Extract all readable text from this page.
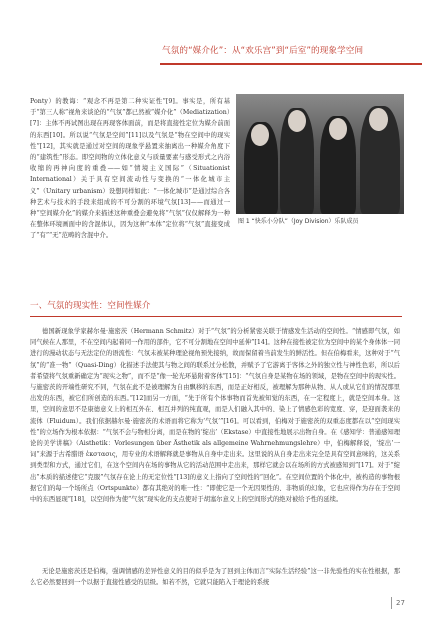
气氛的“媒介化”：从“欢乐宫”到“后室”的现象学空间

Ponty）的教诲：“观念不再是第二种实证性”[9]。事实是，所有基于“第三人称”视角来谈论的“气氛”都已然被“媒介化”（Mediatization）[7]：主体不再试图出现在再现客体面前，而是将直接性定位为媒介前面的东西[10]。所以说“气氛是空间”[11]以及气氛是“物在空间中的现实性”[12]，其实就是通过对空间的现象学悬置来抽离出一种媒介角度下的“建筑性”形态。即空间物的立体化意义与质量要素与感受形式之内浴收缩的再神向度的重叠——如“情境主义国际”（Situationist International）关于具有空间流动性与变换的“一体化城市主义”（Unitary urbanism）设想同样如此：“一体化城市”是通过综合各种艺术与技术的手段来组成的不可分割的环境气氛[13]——而通过一种“空间媒介化”的媒介来描述这种重叠会避免将“气氛”仅仅解释为一种在整体环境画面中的含混体认，因为这种“本体”定位将“气氛”直接变成了“有”“无”范畴的含混中介。

图 1 “快乐小分队”（Joy Division）乐队成员
一、气氛的现实性：空间性媒介

德国新现象学家赫尔曼·施密茨（Hermann Schmitz）对于“气氛”的分析紧密关联于情感发生活动的空间性。“情感即气氛，如同气候在人那里，不在空间内起着同一作用的部件，它不可分割地在空间中延伸”[14]。这种在接性被定位为空间中的某个身体体一同进行的漫动状态与无法定位的语流性：气氛未被某种理论视角预先接纳，故而保留着当前发生的鲜活性。但在伯梅看来，这种对于“气氛”的“准一物”（Quasi-Ding）化描述手法使其与物之间的联系过分松散，并赋予了它游离于客体之外的独立性与神性色彩，所以后者希望将气氛重新确定为“现实之物”，而不是“像一轮光环悬附着客体”[15]：“气氛自身是某物在场的领域，是物在空间中的现实性。与施密茨的开端性研究不同，气氛在此不是被理解为自由飘移的东西，而是正好相反，被理解为那种从物、从人或从它们的情况那里出发的东西，被它们所创造的东西。”[12]而另一方面，“先于所有个体事物而首先被知觉的东西，在一定程度上，就是空间本身。这里，空间的意思不是康德意义上的相互外在、相互并列的纯直观，而是人们融入其中的、染上了情感色彩的宽度、穿，是迎面袭来的流体（Fluidum）。我们依据赫尔曼·施密茨的术语而将它称为‘气氛’”[16]。可以看到，伯梅对于施密茨的双重态度都在以“空间现实性”的立场作为根本依据：“气氛不会与物相分离，而是在物的‘绽出’（Ekstase）中直接性地展示出物自身。在《感知学：普通感知理论的美学讲稿》（Aisthetik：Vorlesungen über Ästhetik als allgemeine Wahrnehmungslehre）中，伯梅解释说，‘绽出’一词“来源于古希腊语 ἐκστασις，用专业的术语解释就是事物从自身中走出来。这里说的从自身走出来完全是具有空间意味的，这关系到类型和方式，通过它们，在这个空间内在场的事物从它的活动范围中走出来，那样它就会以在场所的方式被感知到”[17]。对于“绽出”本质的描述使它“克服”气氛存在论上的无定位性”[13]的意义上指向了空间性的“回化”。在空间位置的个体化中，被构造的事物根据它们的每一个场所点（Ortspunkte）都有其绝对的唯一性：“即使它是一个无因果性的、非物质的幻象，它也应得作为存在于空间中的东西显现”[18]，以空间作为使“气氛”现实化的支点使对于胡塞尔意义上的空间形式的绝对被给予性的延续。

无论是施密茨还是伯梅，强调情感的差异性意义的目的似乎是为了回到主体而言“实际生活经验”这一非先验性的实在性根据，那么它必然要回到一个以据于直接性感受的层级。如若不然，它就只能陷入于理论的系统

27
